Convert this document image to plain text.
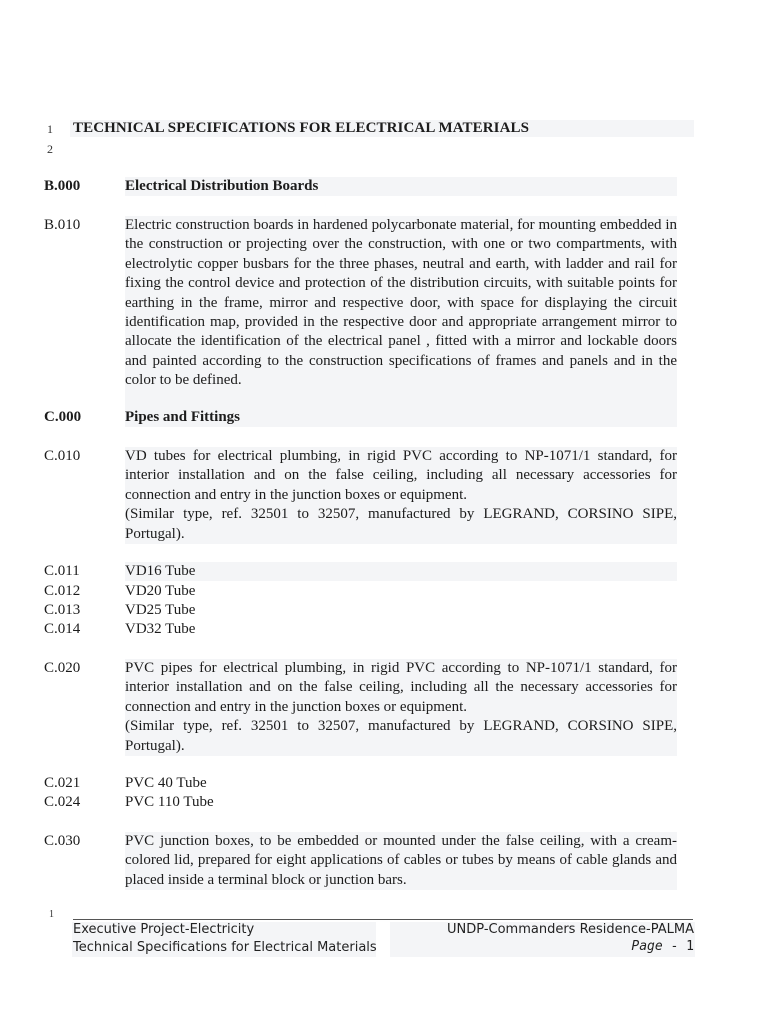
1 TECHNICAL SPECIFICATIONS FOR ELECTRICAL MATERIALS
2
B.000	Electrical Distribution Boards
B.010	Electric construction boards in hardened polycarbonate material, for mounting embedded in the construction or projecting over the construction, with one or two compartments, with electrolytic copper busbars for the three phases, neutral and earth, with ladder and rail for fixing the control device and protection of the distribution circuits, with suitable points for earthing in the frame, mirror and respective door, with space for displaying the circuit identification map, provided in the respective door and appropriate arrangement mirror to allocate the identification of the electrical panel , fitted with a mirror and lockable doors and painted according to the construction specifications of frames and panels and in the color to be defined.

C.000	Pipes and Fittings
C.010	VD tubes for electrical plumbing, in rigid PVC according to NP-1071/1 standard, for interior installation and on the false ceiling, including all necessary accessories for connection and entry in the junction boxes or equipment.

(Similar type, ref. 32501 to 32507, manufactured by LEGRAND, CORSINO SIPE, Portugal).

C.011	VD16 Tube
C.012	VD20 Tube
C.013	VD25 Tube
C.014	VD32 Tube
C.020	PVC pipes for electrical plumbing, in rigid PVC according to NP-1071/1 standard, for interior installation and on the false ceiling, including all the necessary accessories for connection and entry in the junction boxes or equipment.

(Similar type, ref. 32501 to 32507, manufactured by LEGRAND, CORSINO SIPE, Portugal).

C.021	PVC 40 Tube
C.024	PVC 110 Tube
C.030	PVC junction boxes, to be embedded or mounted under the false ceiling, with a cream-colored lid, prepared for eight applications of cables or tubes by means of cable glands and placed inside a terminal block or junction bars.

1
Executive Project-Electricity
Technical Specifications for Electrical Materials
UNDP-Commanders Residence-PALMA
Page - 1
